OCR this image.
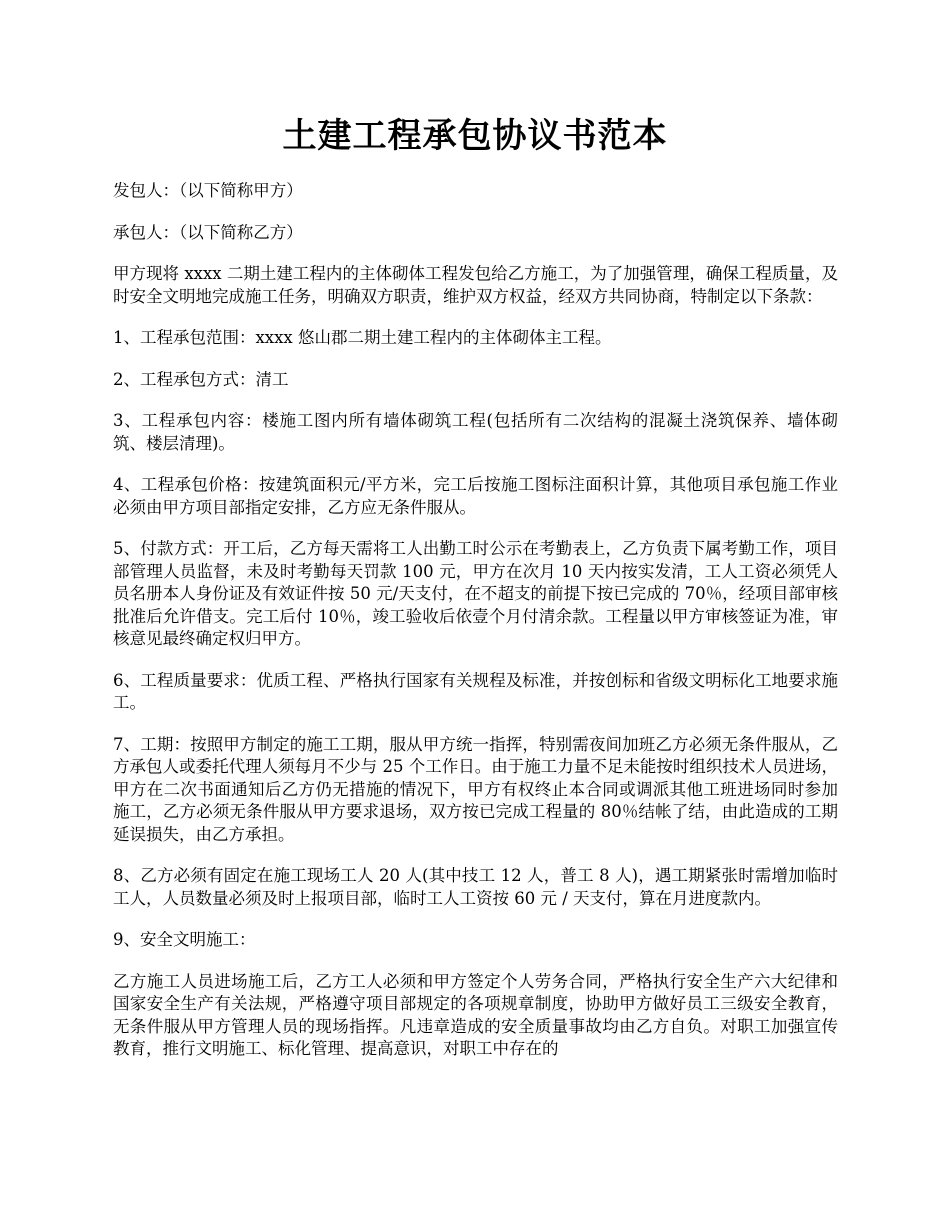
土建工程承包协议书范本

发包人：（以下简称甲方）

承包人：（以下简称乙方）

甲方现将 xxxx 二期土建工程内的主体砌体工程发包给乙方施工，为了加强管理，确保工程质量，及时安全文明地完成施工任务，明确双方职责，维护双方权益，经双方共同协商，特制定以下条款：

1、工程承包范围：xxxx 悠山郡二期土建工程内的主体砌体主工程。

2、工程承包方式：清工

3、工程承包内容：楼施工图内所有墙体砌筑工程(包括所有二次结构的混凝土浇筑保养、墙体砌筑、楼层清理)。

4、工程承包价格：按建筑面积元/平方米，完工后按施工图标注面积计算，其他项目承包施工作业必须由甲方项目部指定安排，乙方应无条件服从。

5、付款方式：开工后，乙方每天需将工人出勤工时公示在考勤表上，乙方负责下属考勤工作，项目部管理人员监督，未及时考勤每天罚款 100 元，甲方在次月 10 天内按实发清，工人工资必须凭人员名册本人身份证及有效证件按 50 元/天支付，在不超支的前提下按已完成的 70％，经项目部审核批准后允许借支。完工后付 10％，竣工验收后依壹个月付清余款。工程量以甲方审核签证为准，审核意见最终确定权归甲方。

6、工程质量要求：优质工程、严格执行国家有关规程及标准，并按创标和省级文明标化工地要求施工。

7、工期：按照甲方制定的施工工期，服从甲方统一指挥，特别需夜间加班乙方必须无条件服从，乙方承包人或委托代理人须每月不少与 25 个工作日。由于施工力量不足未能按时组织技术人员进场，甲方在二次书面通知后乙方仍无措施的情况下，甲方有权终止本合同或调派其他工班进场同时参加施工，乙方必须无条件服从甲方要求退场，双方按已完成工程量的 80％结帐了结，由此造成的工期延误损失，由乙方承担。

8、乙方必须有固定在施工现场工人 20 人(其中技工 12 人，普工 8 人)，遇工期紧张时需增加临时工人，人员数量必须及时上报项目部，临时工人工资按 60 元 / 天支付，算在月进度款内。

9、安全文明施工：

乙方施工人员进场施工后，乙方工人必须和甲方签定个人劳务合同，严格执行安全生产六大纪律和国家安全生产有关法规，严格遵守项目部规定的各项规章制度，协助甲方做好员工三级安全教育，无条件服从甲方管理人员的现场指挥。凡违章造成的安全质量事故均由乙方自负。对职工加强宣传教育，推行文明施工、标化管理、提高意识，对职工中存在的
